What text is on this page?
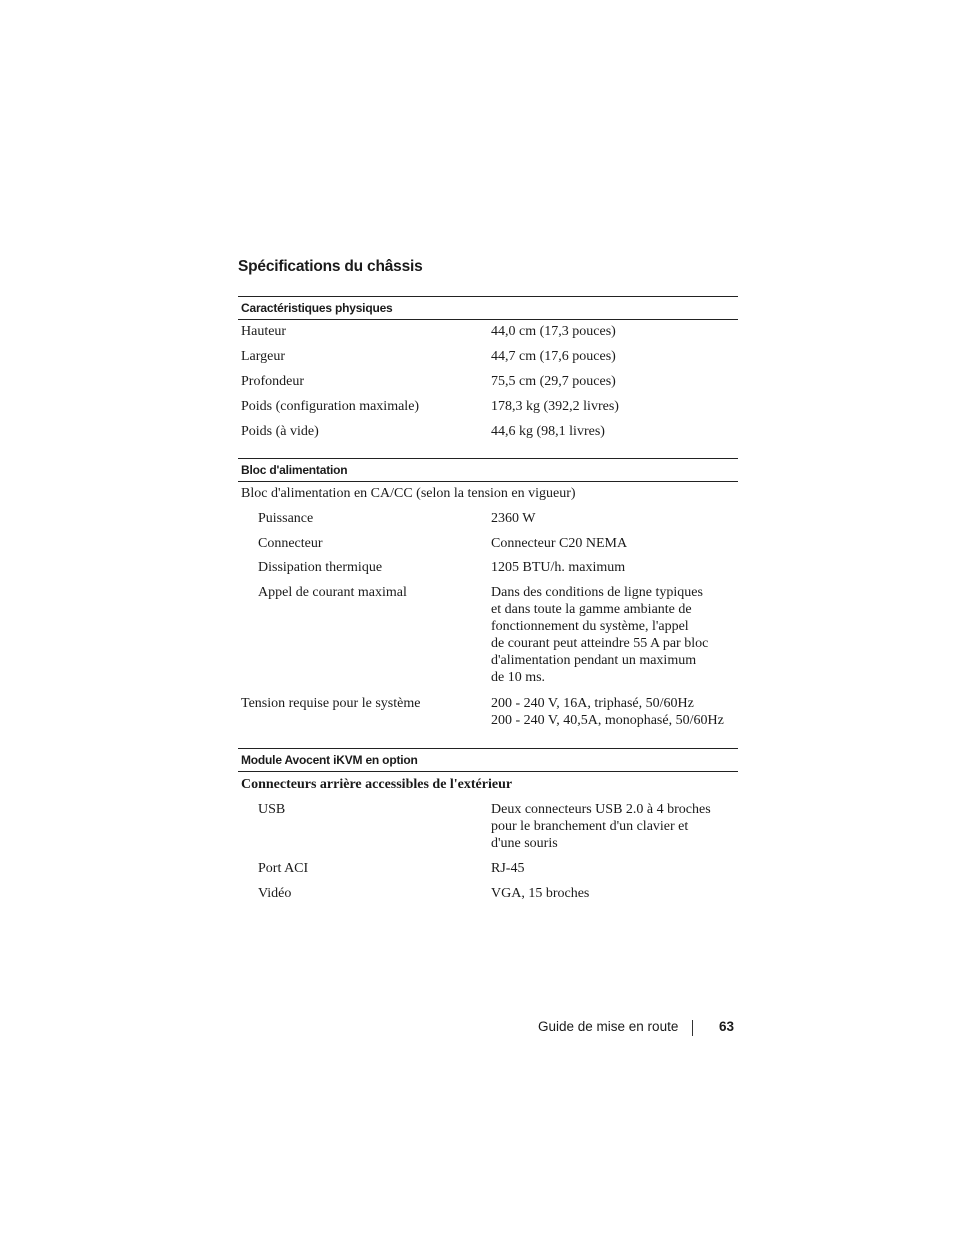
Spécifications du châssis
Caractéristiques physiques
Hauteur	44,0 cm (17,3 pouces)
Largeur	44,7 cm (17,6 pouces)
Profondeur	75,5 cm (29,7 pouces)
Poids (configuration maximale)	178,3 kg (392,2 livres)
Poids (à vide)	44,6 kg (98,1 livres)
Bloc d'alimentation
Bloc d'alimentation en CA/CC (selon la tension en vigueur)
Puissance	2360 W
Connecteur	Connecteur C20 NEMA
Dissipation thermique	1205 BTU/h. maximum
Appel de courant maximal	Dans des conditions de ligne typiques
et dans toute la gamme ambiante de
fonctionnement du système, l'appel
de courant peut atteindre 55 A par bloc
d'alimentation pendant un maximum
de 10 ms.
Tension requise pour le système	200 - 240 V, 16A, triphasé, 50/60Hz
200 - 240 V, 40,5A, monophasé, 50/60Hz
Module Avocent iKVM en option
Connecteurs arrière accessibles de l'extérieur
USB	Deux connecteurs USB 2.0 à 4 broches
pour le branchement d'un clavier et
d'une souris
Port ACI	RJ-45
Vidéo	VGA, 15 broches
Guide de mise en route	63
